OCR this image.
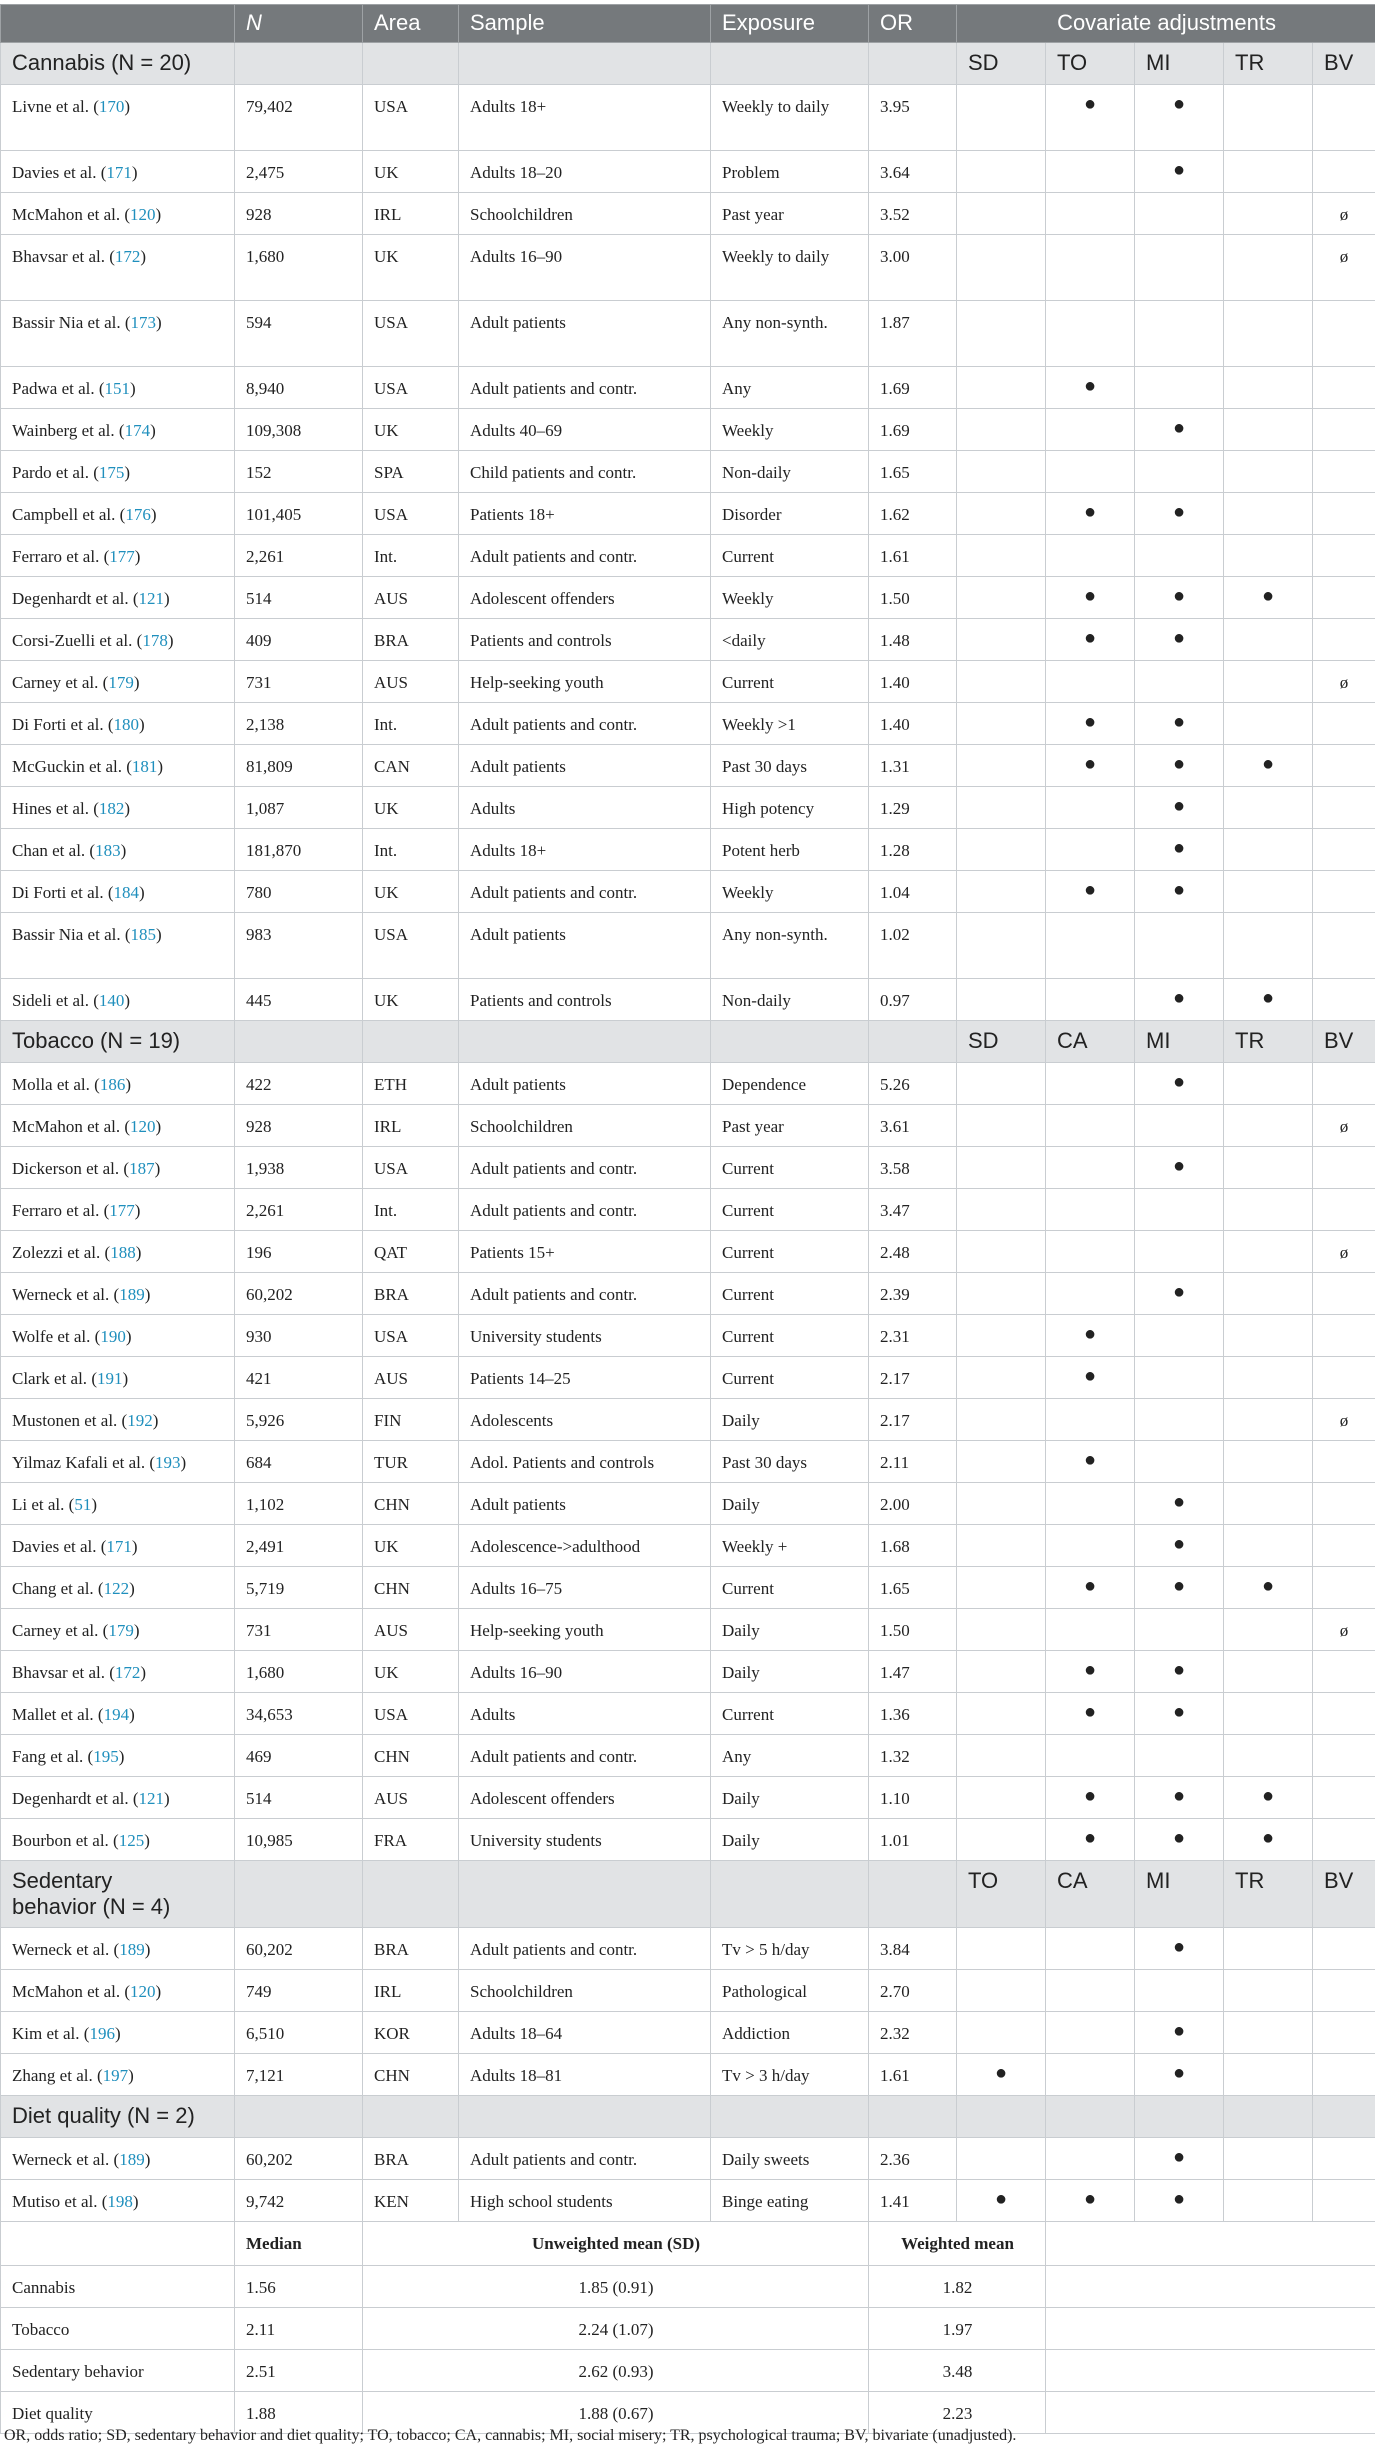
	N	Area	Sample	Exposure	OR	Covariate adjustments				
Cannabis (N = 20)						SD	TO	MI	TR	BV
Livne et al. (170)	79,402	USA	Adults 18+	Weekly to daily	3.95		●	●		
Davies et al. (171)	2,475	UK	Adults 18–20	Problem	3.64			●		
McMahon et al. (120)	928	IRL	Schoolchildren	Past year	3.52					ø
Bhavsar et al. (172)	1,680	UK	Adults 16–90	Weekly to daily	3.00					ø
Bassir Nia et al. (173)	594	USA	Adult patients	Any non-synth.	1.87					
Padwa et al. (151)	8,940	USA	Adult patients and contr.	Any	1.69		●			
Wainberg et al. (174)	109,308	UK	Adults 40–69	Weekly	1.69			●		
Pardo et al. (175)	152	SPA	Child patients and contr.	Non-daily	1.65					
Campbell et al. (176)	101,405	USA	Patients 18+	Disorder	1.62		●	●		
Ferraro et al. (177)	2,261	Int.	Adult patients and contr.	Current	1.61					
Degenhardt et al. (121)	514	AUS	Adolescent offenders	Weekly	1.50		●	●	●	
Corsi-Zuelli et al. (178)	409	BRA	Patients and controls	<daily	1.48		●	●		
Carney et al. (179)	731	AUS	Help-seeking youth	Current	1.40					ø
Di Forti et al. (180)	2,138	Int.	Adult patients and contr.	Weekly >1	1.40		●	●		
McGuckin et al. (181)	81,809	CAN	Adult patients	Past 30 days	1.31		●	●	●	
Hines et al. (182)	1,087	UK	Adults	High potency	1.29			●		
Chan et al. (183)	181,870	Int.	Adults 18+	Potent herb	1.28			●		
Di Forti et al. (184)	780	UK	Adult patients and contr.	Weekly	1.04		●	●		
Bassir Nia et al. (185)	983	USA	Adult patients	Any non-synth.	1.02					
Sideli et al. (140)	445	UK	Patients and controls	Non-daily	0.97			●	●	
Tobacco (N = 19)						SD	CA	MI	TR	BV
Molla et al. (186)	422	ETH	Adult patients	Dependence	5.26			●		
McMahon et al. (120)	928	IRL	Schoolchildren	Past year	3.61					ø
Dickerson et al. (187)	1,938	USA	Adult patients and contr.	Current	3.58			●		
Ferraro et al. (177)	2,261	Int.	Adult patients and contr.	Current	3.47					
Zolezzi et al. (188)	196	QAT	Patients 15+	Current	2.48					ø
Werneck et al. (189)	60,202	BRA	Adult patients and contr.	Current	2.39			●		
Wolfe et al. (190)	930	USA	University students	Current	2.31		●			
Clark et al. (191)	421	AUS	Patients 14–25	Current	2.17		●			
Mustonen et al. (192)	5,926	FIN	Adolescents	Daily	2.17					ø
Yilmaz Kafali et al. (193)	684	TUR	Adol. Patients and controls	Past 30 days	2.11		●			
Li et al. (51)	1,102	CHN	Adult patients	Daily	2.00			●		
Davies et al. (171)	2,491	UK	Adolescence->adulthood	Weekly +	1.68			●		
Chang et al. (122)	5,719	CHN	Adults 16–75	Current	1.65		●	●	●	
Carney et al. (179)	731	AUS	Help-seeking youth	Daily	1.50					ø
Bhavsar et al. (172)	1,680	UK	Adults 16–90	Daily	1.47		●	●		
Mallet et al. (194)	34,653	USA	Adults	Current	1.36		●	●		
Fang et al. (195)	469	CHN	Adult patients and contr.	Any	1.32					
Degenhardt et al. (121)	514	AUS	Adolescent offenders	Daily	1.10		●	●	●	
Bourbon et al. (125)	10,985	FRA	University students	Daily	1.01		●	●	●	

Sedentary
behavior (N = 4)						TO	CA	MI	TR	BV
Werneck et al. (189)	60,202	BRA	Adult patients and contr.	Tv > 5 h/day	3.84			●		
McMahon et al. (120)	749	IRL	Schoolchildren	Pathological	2.70					
Kim et al. (196)	6,510	KOR	Adults 18–64	Addiction	2.32			●		
Zhang et al. (197)	7,121	CHN	Adults 18–81	Tv > 3 h/day	1.61	●		●		
Diet quality (N = 2)										
Werneck et al. (189)	60,202	BRA	Adult patients and contr.	Daily sweets	2.36			●		
Mutiso et al. (198)	9,742	KEN	High school students	Binge eating	1.41	●	●	●		
	Median	Unweighted mean (SD)			Weighted mean					
Cannabis	1.56	1.85 (0.91)			1.82					
Tobacco	2.11	2.24 (1.07)			1.97					
Sedentary behavior	2.51	2.62 (0.93)			3.48					
Diet quality	1.88	1.88 (0.67)			2.23					
OR, odds ratio; SD, sedentary behavior and diet quality; TO, tobacco; CA, cannabis; MI, social misery; TR, psychological trauma; BV, bivariate (unadjusted).
